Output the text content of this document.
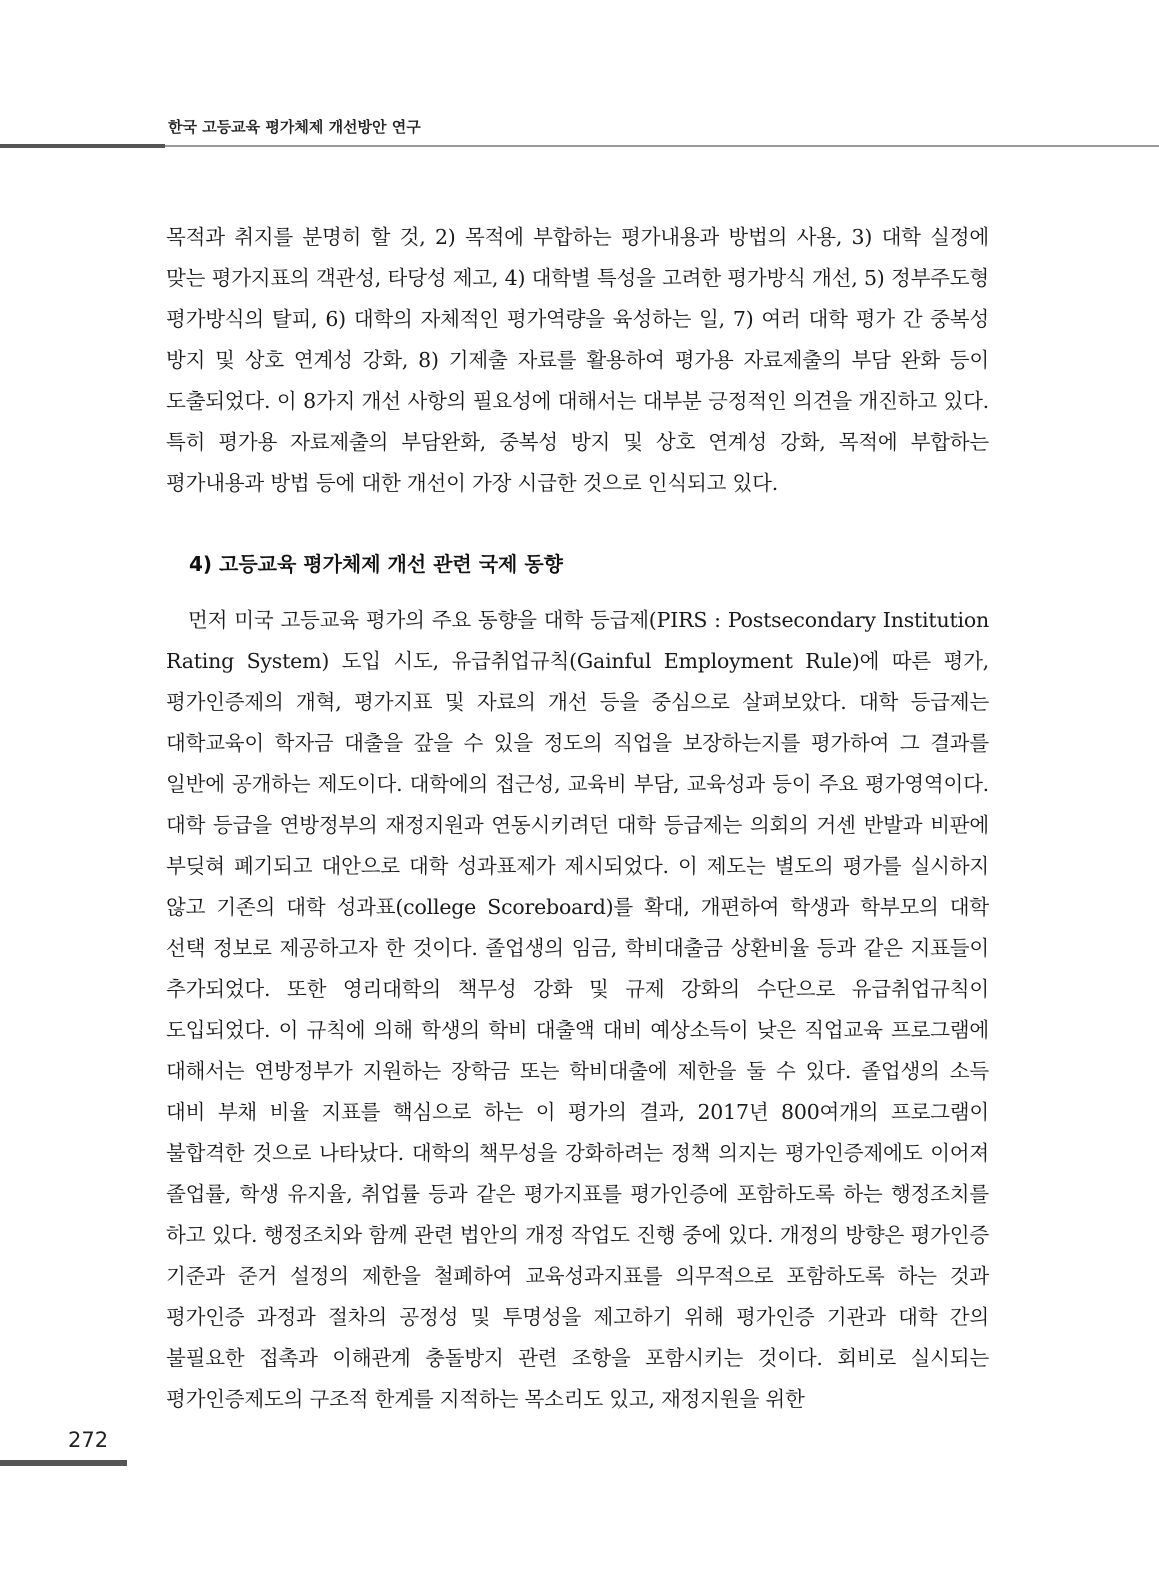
한국 고등교육 평가체제 개선방안 연구

목적과 취지를 분명히 할 것, 2) 목적에 부합하는 평가내용과 방법의 사용, 3) 대학 실정에 맞는 평가지표의 객관성, 타당성 제고, 4) 대학별 특성을 고려한 평가방식 개선, 5) 정부주도형 평가방식의 탈피, 6) 대학의 자체적인 평가역량을 육성하는 일, 7) 여러 대학 평가 간 중복성 방지 및 상호 연계성 강화, 8) 기제출 자료를 활용하여 평가용 자료제출의 부담 완화 등이 도출되었다. 이 8가지 개선 사항의 필요성에 대해서는 대부분 긍정적인 의견을 개진하고 있다. 특히 평가용 자료제출의 부담완화, 중복성 방지 및 상호 연계성 강화, 목적에 부합하는 평가내용과 방법 등에 대한 개선이 가장 시급한 것으로 인식되고 있다.

4) 고등교육 평가체제 개선 관련 국제 동향

먼저 미국 고등교육 평가의 주요 동향을 대학 등급제(PIRS : Postsecondary Institution Rating System) 도입 시도, 유급취업규칙(Gainful Employment Rule)에 따른 평가, 평가인증제의 개혁, 평가지표 및 자료의 개선 등을 중심으로 살펴보았다. 대학 등급제는 대학교육이 학자금 대출을 갚을 수 있을 정도의 직업을 보장하는지를 평가하여 그 결과를 일반에 공개하는 제도이다. 대학에의 접근성, 교육비 부담, 교육성과 등이 주요 평가영역이다. 대학 등급을 연방정부의 재정지원과 연동시키려던 대학 등급제는 의회의 거센 반발과 비판에 부딪혀 폐기되고 대안으로 대학 성과표제가 제시되었다. 이 제도는 별도의 평가를 실시하지 않고 기존의 대학 성과표(college Scoreboard)를 확대, 개편하여 학생과 학부모의 대학 선택 정보로 제공하고자 한 것이다. 졸업생의 임금, 학비대출금 상환비율 등과 같은 지표들이 추가되었다. 또한 영리대학의 책무성 강화 및 규제 강화의 수단으로 유급취업규칙이 도입되었다. 이 규칙에 의해 학생의 학비 대출액 대비 예상소득이 낮은 직업교육 프로그램에 대해서는 연방정부가 지원하는 장학금 또는 학비대출에 제한을 둘 수 있다. 졸업생의 소득 대비 부채 비율 지표를 핵심으로 하는 이 평가의 결과, 2017년 800여개의 프로그램이 불합격한 것으로 나타났다. 대학의 책무성을 강화하려는 정책 의지는 평가인증제에도 이어져 졸업률, 학생 유지율, 취업률 등과 같은 평가지표를 평가인증에 포함하도록 하는 행정조치를 하고 있다. 행정조치와 함께 관련 법안의 개정 작업도 진행 중에 있다. 개정의 방향은 평가인증 기준과 준거 설정의 제한을 철폐하여 교육성과지표를 의무적으로 포함하도록 하는 것과 평가인증 과정과 절차의 공정성 및 투명성을 제고하기 위해 평가인증 기관과 대학 간의 불필요한 접촉과 이해관계 충돌방지 관련 조항을 포함시키는 것이다. 회비로 실시되는 평가인증제도의 구조적 한계를 지적하는 목소리도 있고, 재정지원을 위한

272
